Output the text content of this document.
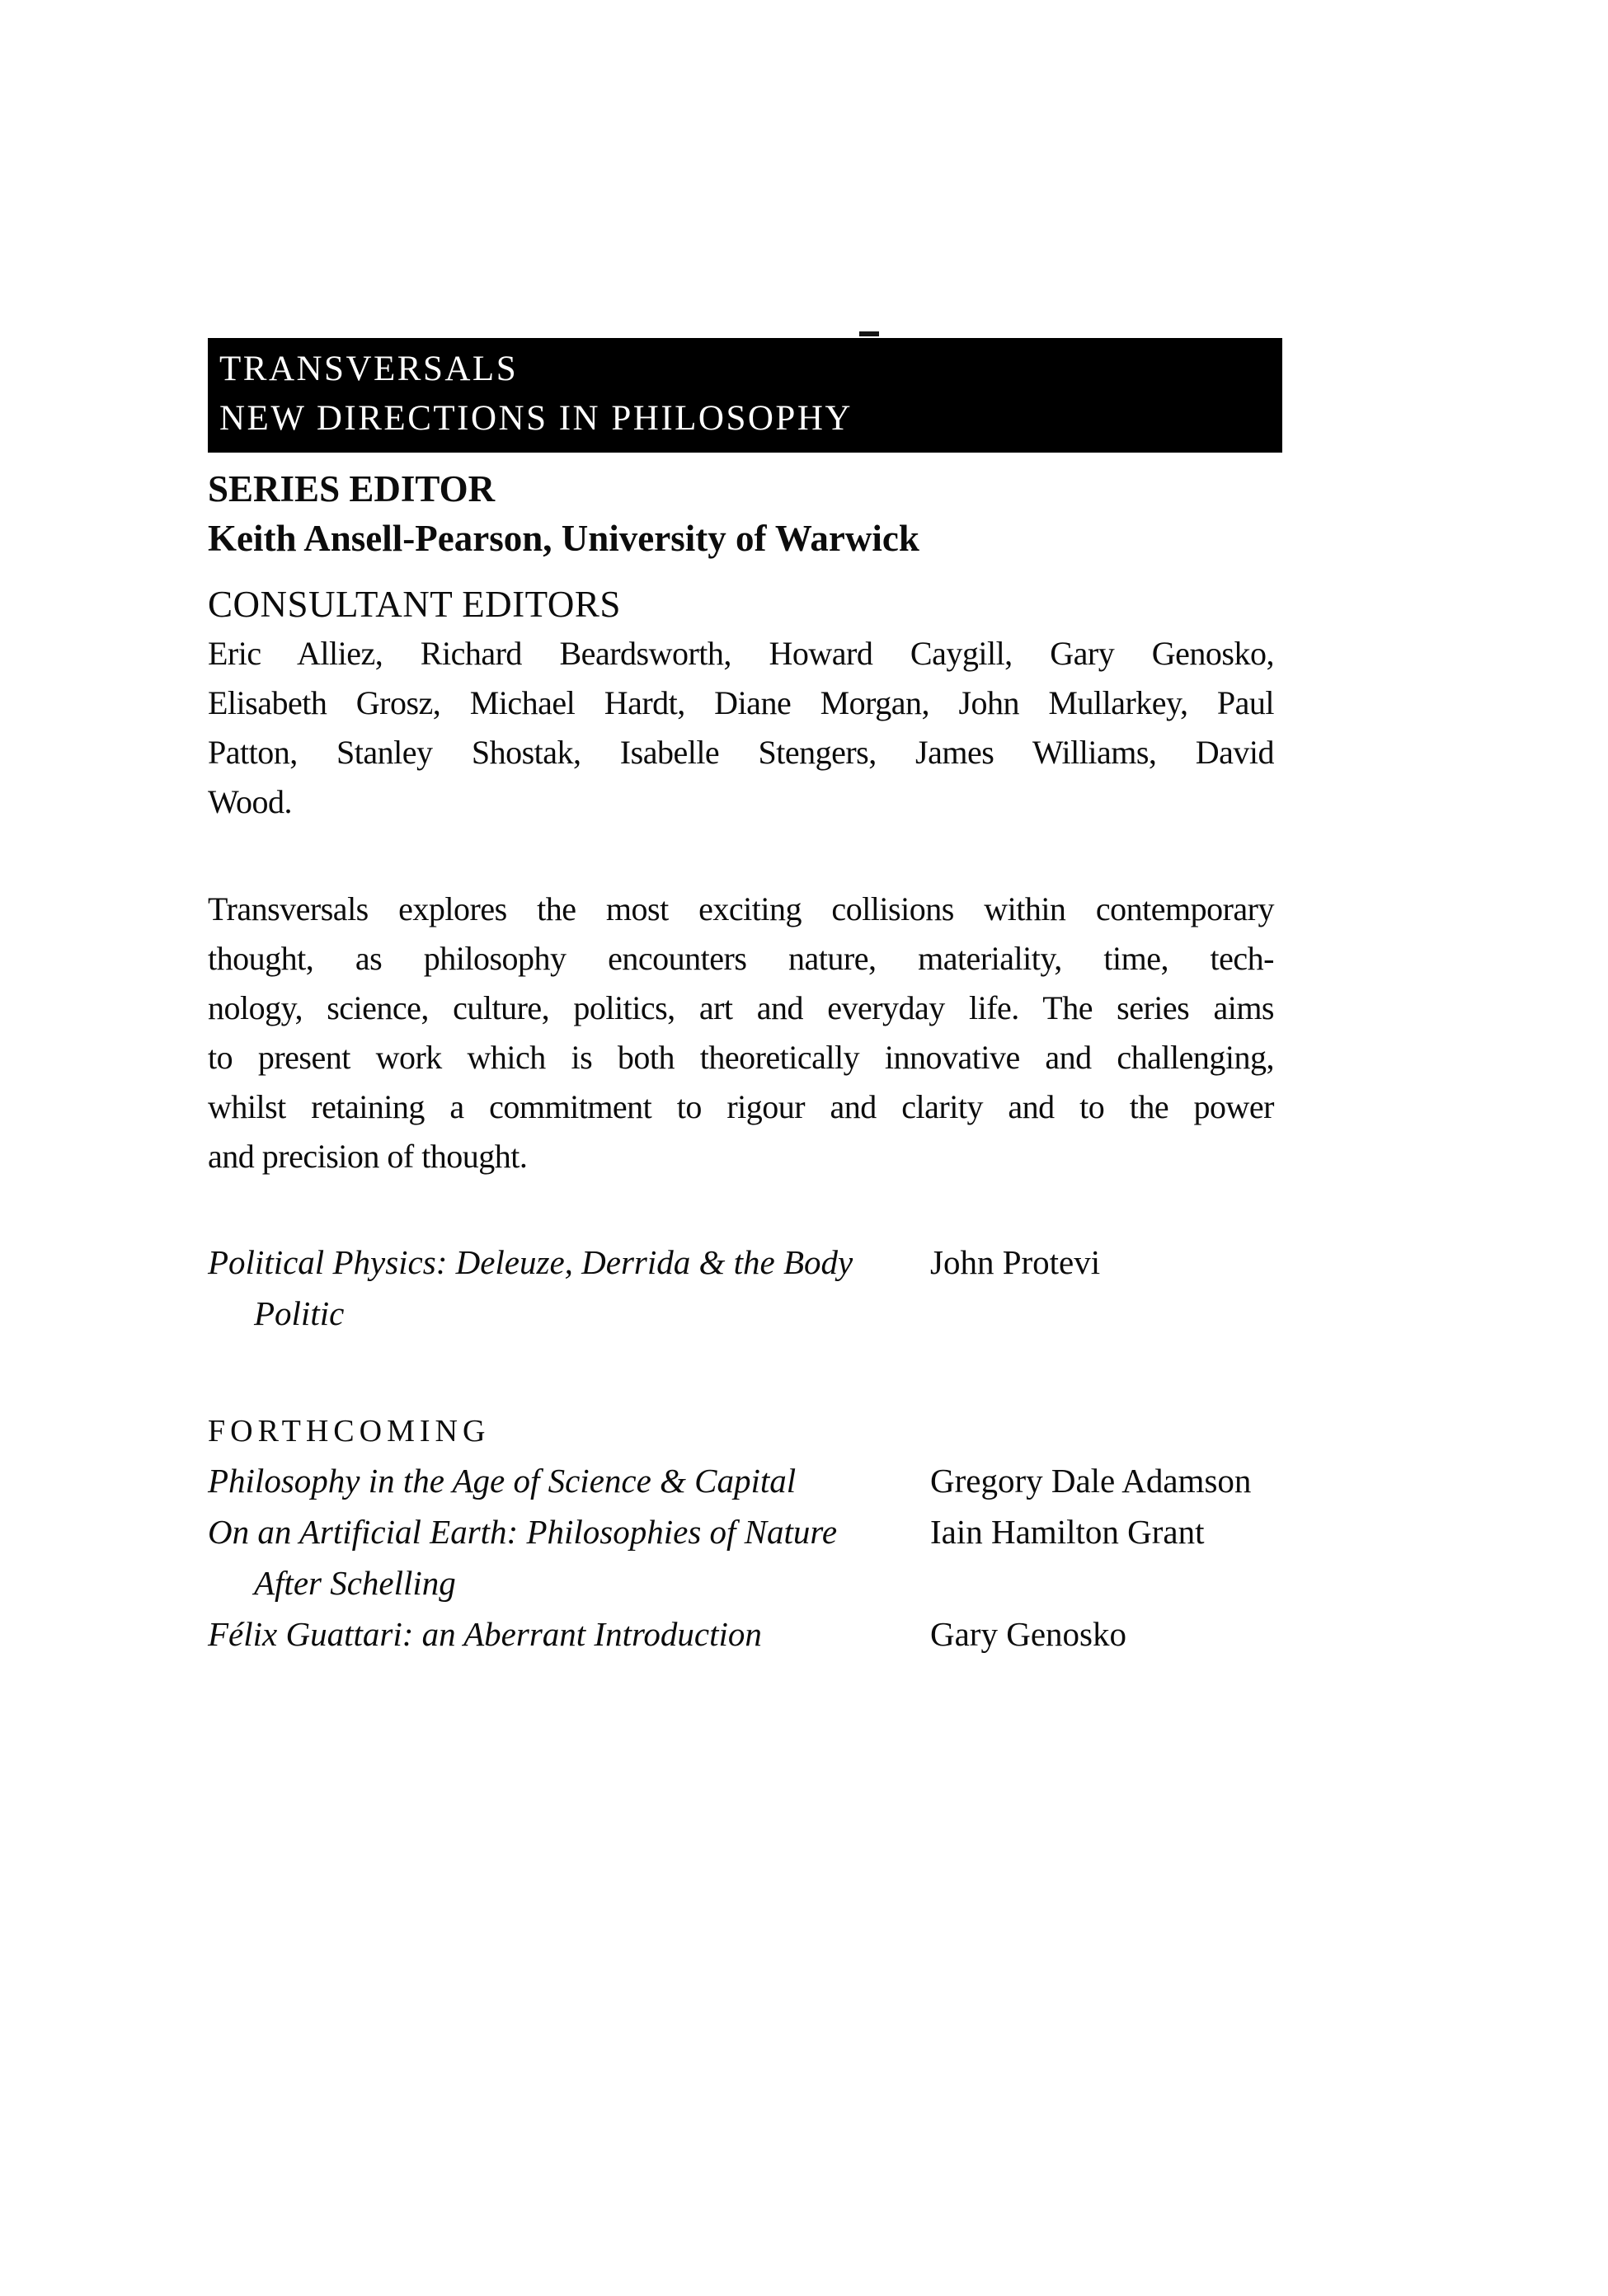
TRANSVERSALS
NEW DIRECTIONS IN PHILOSOPHY
SERIES EDITOR
Keith Ansell-Pearson, University of Warwick
CONSULTANT EDITORS
Eric Alliez, Richard Beardsworth, Howard Caygill, Gary Genosko,
Elisabeth Grosz, Michael Hardt, Diane Morgan, John Mullarkey, Paul
Patton, Stanley Shostak, Isabelle Stengers, James Williams, David
Wood.
Transversals explores the most exciting collisions within contemporary
thought, as philosophy encounters nature, materiality, time, tech-
nology, science, culture, politics, art and everyday life. The series aims
to present work which is both theoretically innovative and challenging,
whilst retaining a commitment to rigour and clarity and to the power
and precision of thought.
Political Physics: Deleuze, Derrida & the Body
Politic
John Protevi
FORTHCOMING
Philosophy in the Age of Science & Capital	Gregory Dale Adamson
On an Artificial Earth: Philosophies of Nature
After Schelling
Iain Hamilton Grant
Félix Guattari: an Aberrant Introduction	Gary Genosko
